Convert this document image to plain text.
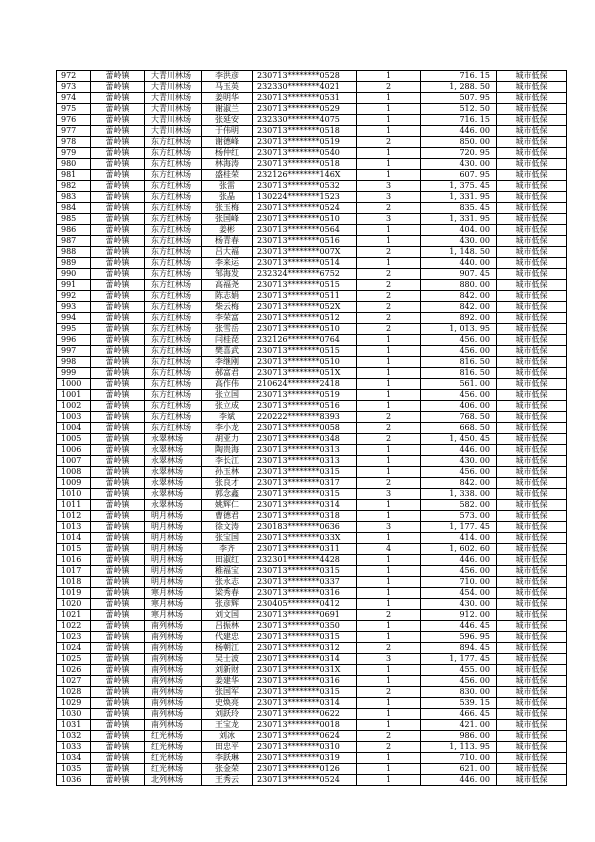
972	蕾岭镇	大青川林场	李洪彦	230713********0528	1	716. 15	城市低保
973	蕾岭镇	大青川林场	马玉英	232330********4021	2	1, 288. 50	城市低保
974	蕾岭镇	大青川林场	姜明华	230713********0531	1	507. 95	城市低保
975	蕾岭镇	大青川林场	谢淑兰	230713********0529	1	512. 50	城市低保
976	蕾岭镇	大青川林场	张延安	232330********4075	1	716. 15	城市低保
977	蕾岭镇	大青川林场	于伟明	230713********0518	1	446. 00	城市低保
978	蕾岭镇	东方红林场	谢德峰	230713********0519	2	850. 00	城市低保
979	蕾岭镇	东方红林场	杨仲红	230713********0540	1	720. 95	城市低保
980	蕾岭镇	东方红林场	林海涛	230713********0518	1	430. 00	城市低保
981	蕾岭镇	东方红林场	盛桂荣	232126********146X	1	607. 95	城市低保
982	蕾岭镇	东方红林场	张雷	230713********0532	3	1, 375. 45	城市低保
983	蕾岭镇	东方红林场	张晶	130224********1523	3	1, 331. 95	城市低保
984	蕾岭镇	东方红林场	张玉梅	230713********0524	2	835. 45	城市低保
985	蕾岭镇	东方红林场	张国峰	230713********0510	3	1, 331. 95	城市低保
986	蕾岭镇	东方红林场	姜彬	230713********0564	1	404. 00	城市低保
987	蕾岭镇	东方红林场	杨青春	230713********0516	1	430. 00	城市低保
988	蕾岭镇	东方红林场	吕大福	230713********007X	2	1, 148. 50	城市低保
989	蕾岭镇	东方红林场	李来运	230713********0514	1	440. 00	城市低保
990	蕾岭镇	东方红林场	邹海发	232324********6752	2	907. 45	城市低保
991	蕾岭镇	东方红林场	高福尧	230713********0515	2	880. 00	城市低保
992	蕾岭镇	东方红林场	陈志娟	230713********0511	2	842. 00	城市低保
993	蕾岭镇	东方红林场	柴云梅	230713********052X	2	842. 00	城市低保
994	蕾岭镇	东方红林场	李荣富	230713********0512	2	892. 00	城市低保
995	蕾岭镇	东方红林场	张雪岳	230713********0510	2	1, 013. 95	城市低保
996	蕾岭镇	东方红林场	闫桂琵	232126********0764	1	456. 00	城市低保
997	蕾岭镇	东方红林场	樊喜武	230713********0515	1	456. 00	城市低保
998	蕾岭镇	东方红林场	李继刚	230713********0510	1	816. 50	城市低保
999	蕾岭镇	东方红林场	郝富君	230713********051X	1	816. 50	城市低保
1000	蕾岭镇	东方红林场	高作伟	210624********2418	1	561. 00	城市低保
1001	蕾岭镇	东方红林场	张立国	230713********0519	1	456. 00	城市低保
1002	蕾岭镇	东方红林场	张立成	230713********0516	1	406. 00	城市低保
1003	蕾岭镇	东方红林场	李斌	220222********8393	2	768. 50	城市低保
1004	蕾岭镇	东方红林场	李小龙	230713********0058	2	668. 50	城市低保
1005	蕾岭镇	永翠林场	胡亚力	230713********0348	2	1, 450. 45	城市低保
1006	蕾岭镇	永翠林场	陶贵海	230713********0313	1	446. 00	城市低保
1007	蕾岭镇	永翠林场	李长江	230713********0313	1	430. 00	城市低保
1008	蕾岭镇	永翠林场	孙玉林	230713********0315	1	456. 00	城市低保
1009	蕾岭镇	永翠林场	张良才	230713********0317	2	842. 00	城市低保
1010	蕾岭镇	永翠林场	郭念鑫	230713********0315	3	1, 338. 00	城市低保
1011	蕾岭镇	永翠林场	姚辉仁	230713********0314	1	582. 00	城市低保
1012	蕾岭镇	明月林场	曹德君	230713********0318	1	573. 00	城市低保
1013	蕾岭镇	明月林场	徐文涛	230183********0636	3	1, 177. 45	城市低保
1014	蕾岭镇	明月林场	张宝国	230713********033X	1	414. 00	城市低保
1015	蕾岭镇	明月林场	李齐	230713********0311	4	1, 602. 60	城市低保
1016	蕾岭镇	明月林场	田淑红	232301********4428	1	446. 00	城市低保
1017	蕾岭镇	明月林场	稚福宝	230713********0315	1	456. 00	城市低保
1018	蕾岭镇	明月林场	张永志	230713********0337	1	710. 00	城市低保
1019	蕾岭镇	寒月林场	梁秀春	230713********0316	1	454. 00	城市低保
1020	蕾岭镇	寒月林场	张彦辉	230405********0412	1	430. 00	城市低保
1021	蕾岭镇	寒月林场	刘文国	230713********0691	2	912. 00	城市低保
1022	蕾岭镇	南列林场	吕振林	230713********0350	1	446. 45	城市低保
1023	蕾岭镇	南列林场	代建忠	230713********0315	1	596. 95	城市低保
1024	蕾岭镇	南列林场	杨朝江	230713********0312	2	894. 45	城市低保
1025	蕾岭镇	南列林场	吴士波	230713********0314	3	1, 177. 45	城市低保
1026	蕾岭镇	南列林场	刘新财	230713********031X	1	455. 00	城市低保
1027	蕾岭镇	南列林场	姜建华	230713********0316	1	456. 00	城市低保
1028	蕾岭镇	南列林场	张国军	230713********0315	2	830. 00	城市低保
1029	蕾岭镇	南列林场	史焕亮	230713********0314	1	539. 15	城市低保
1030	蕾岭镇	南列林场	刘跃玲	230713********0622	1	466. 45	城市低保
1031	蕾岭镇	南列林场	王宝龙	230713********0018	1	421. 00	城市低保
1032	蕾岭镇	红光林场	刘冰	230713********0624	2	986. 00	城市低保
1033	蕾岭镇	红光林场	田忠平	230713********0310	2	1, 113. 95	城市低保
1034	蕾岭镇	红光林场	李跃琳	230713********0319	1	710. 00	城市低保
1035	蕾岭镇	红光林场	张金荣	230713********0126	1	621. 00	城市低保
1036	蕾岭镇	北列林场	王秀云	230713********0524	1	446. 00	城市低保
